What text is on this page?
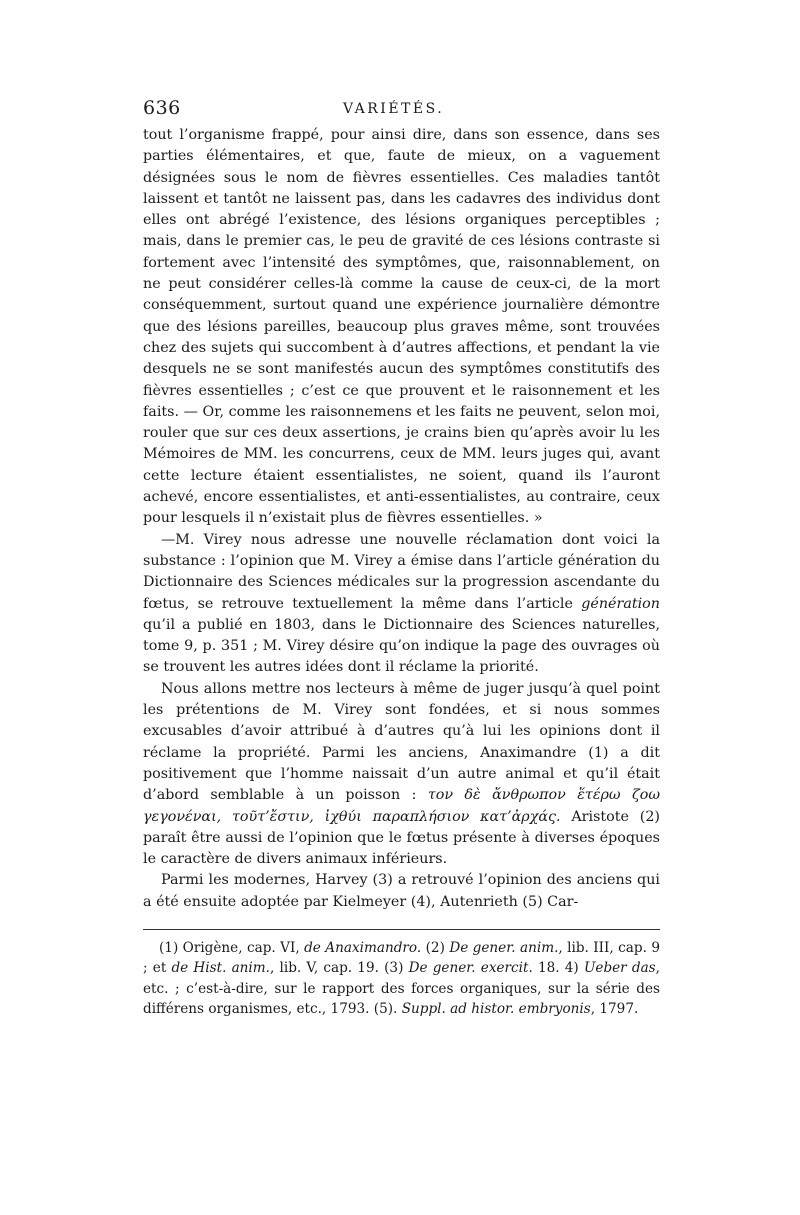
636	VARIÉTÉS.

tout l’organisme frappé, pour ainsi dire, dans son essence, dans ses parties élémentaires, et que, faute de mieux, on a vaguement désignées sous le nom de fièvres essentielles. Ces maladies tantôt laissent et tantôt ne laissent pas, dans les cadavres des individus dont elles ont abrégé l’existence, des lésions organiques perceptibles ; mais, dans le premier cas, le peu de gravité de ces lésions contraste si fortement avec l’intensité des symptômes, que, raisonnablement, on ne peut considérer celles-là comme la cause de ceux-ci, de la mort conséquemment, surtout quand une expérience journalière démontre que des lésions pareilles, beaucoup plus graves même, sont trouvées chez des sujets qui succombent à d’autres affections, et pendant la vie desquels ne se sont manifestés aucun des symptômes constitutifs des fièvres essentielles ; c’est ce que prouvent et le raisonnement et les faits. — Or, comme les raisonnemens et les faits ne peuvent, selon moi, rouler que sur ces deux assertions, je crains bien qu’après avoir lu les Mémoires de MM. les concurrens, ceux de MM. leurs juges qui, avant cette lecture étaient essentialistes, ne soient, quand ils l’auront achevé, encore essentialistes, et anti-essentialistes, au contraire, ceux pour lesquels il n’existait plus de fièvres essentielles. »

—M. Virey nous adresse une nouvelle réclamation dont voici la substance : l’opinion que M. Virey a émise dans l’article génération du Dictionnaire des Sciences médicales sur la progression ascendante du fœtus, se retrouve textuellement la même dans l’article génération qu’il a publié en 1803, dans le Dictionnaire des Sciences naturelles, tome 9, p. 351 ; M. Virey désire qu’on indique la page des ouvrages où se trouvent les autres idées dont il réclame la priorité.

Nous allons mettre nos lecteurs à même de juger jusqu’à quel point les prétentions de M. Virey sont fondées, et si nous sommes excusables d’avoir attribué à d’autres qu’à lui les opinions dont il réclame la propriété. Parmi les anciens, Anaximandre (1) a dit positivement que l’homme naissait d’un autre animal et qu’il était d’abord semblable à un poisson : τον δὲ ἄνθρωπον ἕτέρω ζοω γεγονέναι, τοῦτ’ἔστιν, ἰχθύι παραπλήσιον κατ’ἀρχάς. Aristote (2) paraît être aussi de l’opinion que le fœtus présente à diverses époques le caractère de divers animaux inférieurs.

Parmi les modernes, Harvey (3) a retrouvé l’opinion des anciens qui a été ensuite adoptée par Kielmeyer (4), Autenrieth (5) Car-

(1) Origène, cap. VI, de Anaximandro. (2) De gener. anim., lib. III, cap. 9 ; et de Hist. anim., lib. V, cap. 19. (3) De gener. exercit. 18. 4) Ueber das, etc. ; c’est-à-dire, sur le rapport des forces organiques, sur la série des différens organismes, etc., 1793. (5). Suppl. ad histor. embryonis, 1797.
